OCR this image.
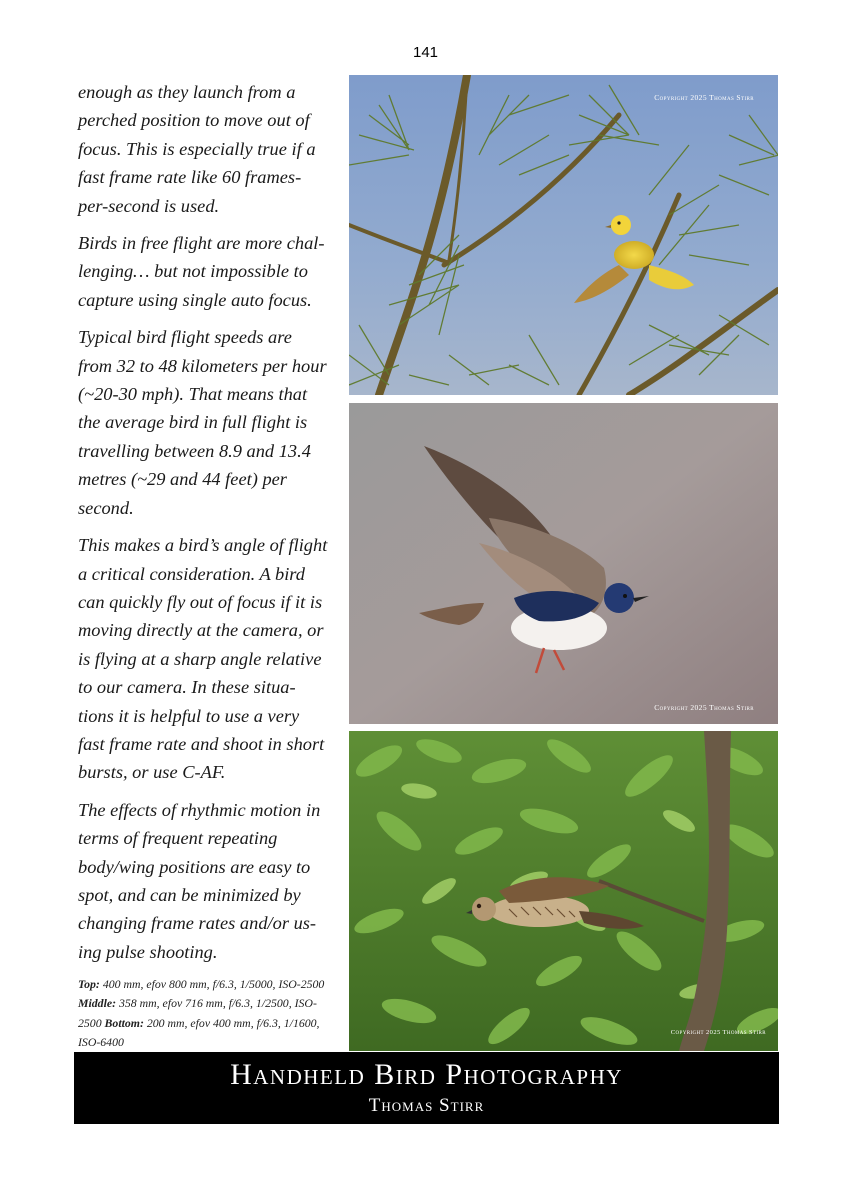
141

enough as they launch from a perched position to move out of focus. This is especially true if a fast frame rate like 60 frames-per-second is used.

Birds in free flight are more chal-lenging… but not impossible to capture using single auto focus.

Typical bird flight speeds are from 32 to 48 kilometers per hour (~20-30 mph). That means that the average bird in full flight is travelling between 8.9 and 13.4 metres (~29 and 44 feet) per second.

This makes a bird’s angle of flight a critical consideration. A bird can quickly fly out of focus if it is moving directly at the camera, or is flying at a sharp angle relative to our camera. In these situa-tions it is helpful to use a very fast frame rate and shoot in short bursts, or use C-AF.

The effects of rhythmic motion in terms of frequent repeating body/wing positions are easy to spot, and can be minimized by changing frame rates and/or us-ing pulse shooting.

Top: 400 mm, efov 800 mm, f/6.3, 1/5000, ISO-2500 Middle: 358 mm, efov 716 mm, f/6.3, 1/2500, ISO-2500 Bottom: 200 mm, efov 400 mm, f/6.3, 1/1600, ISO-6400
Copyright 2025 Thomas Stirr
Copyright 2025 Thomas Stirr
Copyright 2025 Thomas Stirr
Handheld Bird Photography
Thomas Stirr
